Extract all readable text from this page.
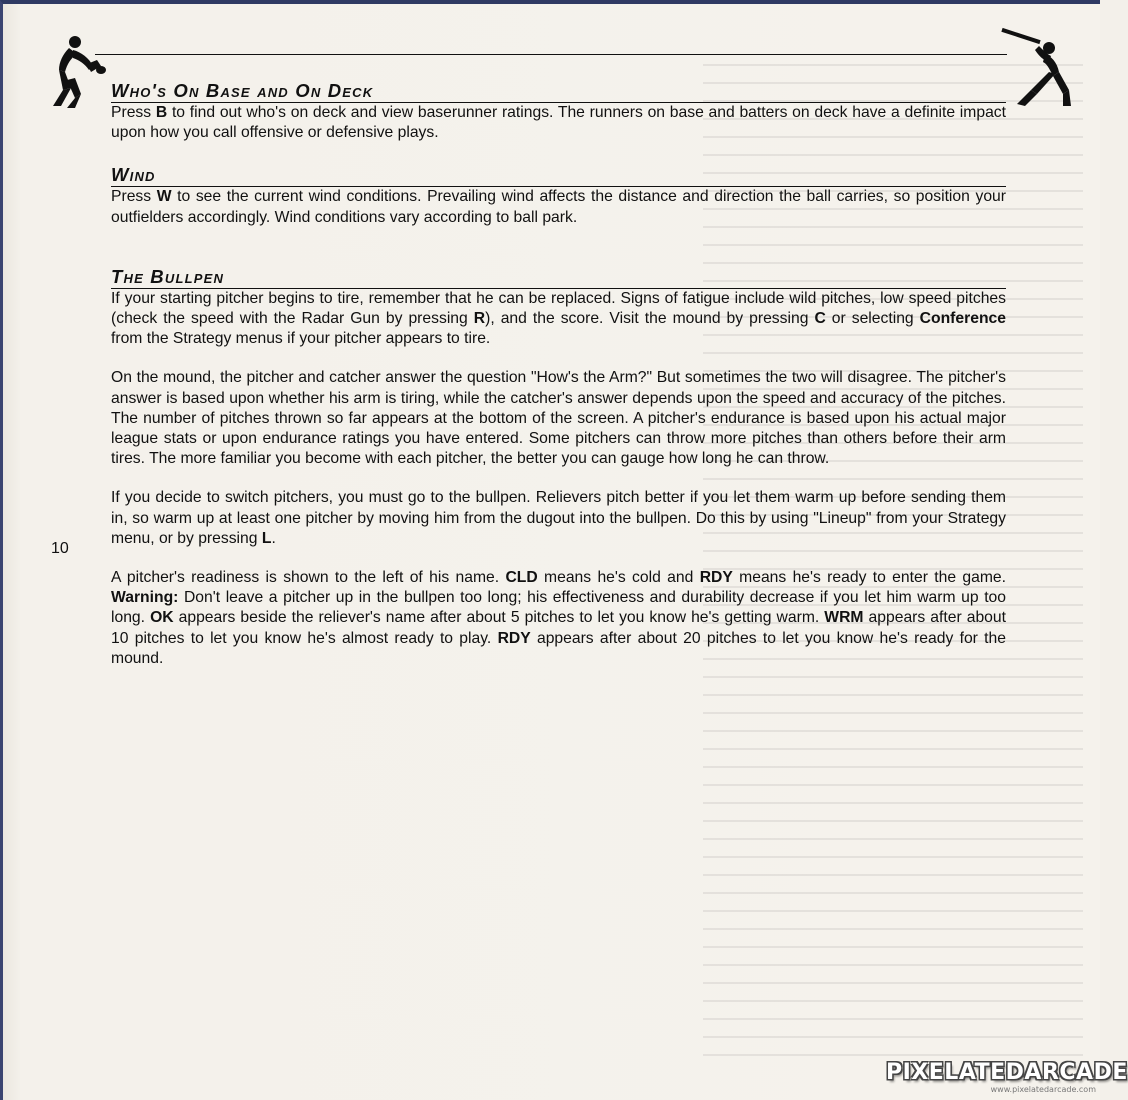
Who's On Base and On Deck

Press B to find out who's on deck and view baserunner ratings. The runners on base and batters on deck have a definite impact upon how you call offensive or defensive plays.

Wind

Press W to see the current wind conditions. Prevailing wind affects the distance and direction the ball carries, so position your outfielders accordingly. Wind conditions vary according to ball park.

The Bullpen

If your starting pitcher begins to tire, remember that he can be replaced. Signs of fatigue include wild pitches, low speed pitches (check the speed with the Radar Gun by pressing R), and the score. Visit the mound by pressing C or selecting Conference from the Strategy menus if your pitcher appears to tire.

On the mound, the pitcher and catcher answer the question "How's the Arm?" But sometimes the two will disagree. The pitcher's answer is based upon whether his arm is tiring, while the catcher's answer depends upon the speed and accuracy of the pitches. The number of pitches thrown so far appears at the bottom of the screen. A pitcher's endurance is based upon his actual major league stats or upon endurance ratings you have entered. Some pitchers can throw more pitches than others before their arm tires. The more familiar you become with each pitcher, the better you can gauge how long he can throw.

If you decide to switch pitchers, you must go to the bullpen. Relievers pitch better if you let them warm up before sending them in, so warm up at least one pitcher by moving him from the dugout into the bullpen. Do this by using "Lineup" from your Strategy menu, or by pressing L.

A pitcher's readiness is shown to the left of his name. CLD means he's cold and RDY means he's ready to enter the game. Warning: Don't leave a pitcher up in the bullpen too long; his effectiveness and durability decrease if you let him warm up too long. OK appears beside the reliever's name after about 5 pitches to let you know he's getting warm. WRM appears after about 10 pitches to let you know he's almost ready to play. RDY appears after about 20 pitches to let you know he's ready for the mound.

10
PIXELATEDARCADE
www.pixelatedarcade.com
